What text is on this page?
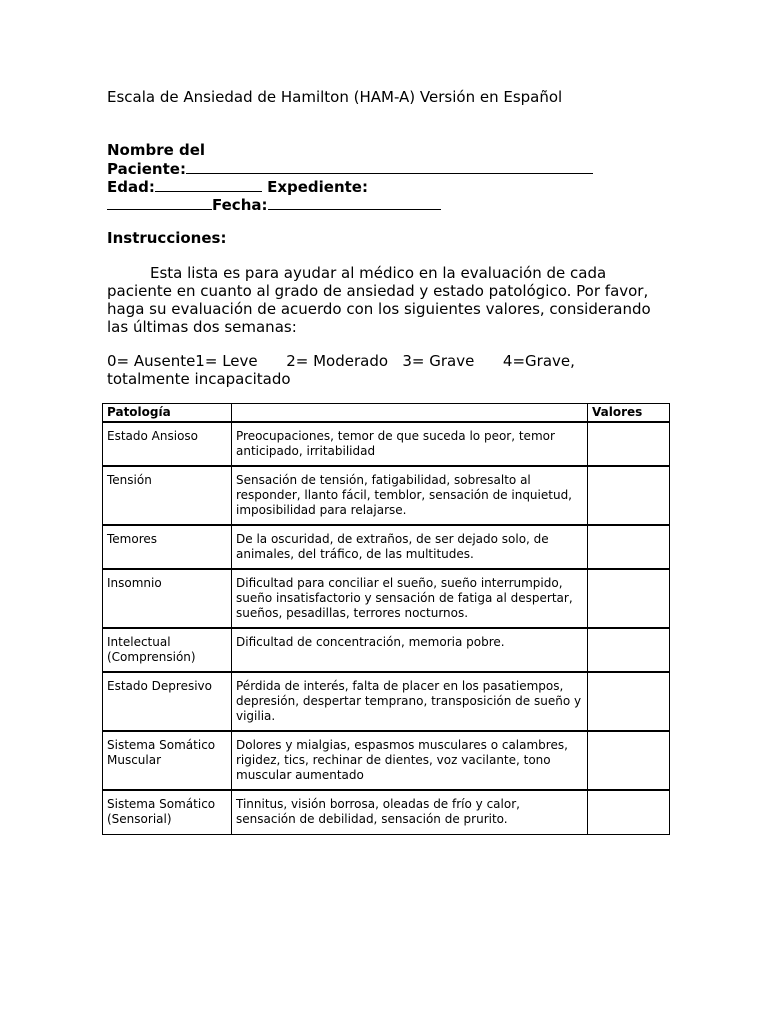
Escala de Ansiedad de Hamilton (HAM-A) Versión en Español
Nombre del
Paciente:
Edad:	Expediente:
Fecha:
Instrucciones:
Esta lista es para ayudar al médico en la evaluación de cada paciente en cuanto al grado de ansiedad y estado patológico. Por favor, haga su evaluación de acuerdo con los siguientes valores, considerando las últimas dos semanas:
0= Ausente1= Leve      2= Moderado   3= Grave      4=Grave,
totalmente incapacitado
Patología		Valores
Estado Ansioso	Preocupaciones, temor de que suceda lo peor, temor anticipado, irritabilidad	
Tensión	Sensación de tensión, fatigabilidad, sobresalto al responder, llanto fácil, temblor, sensación de inquietud, imposibilidad para relajarse.	
Temores	De la oscuridad, de extraños, de ser dejado solo, de animales, del tráfico, de las multitudes.	
Insomnio	Dificultad para conciliar el sueño, sueño interrumpido, sueño insatisfactorio y sensación de fatiga al despertar, sueños, pesadillas, terrores nocturnos.	
Intelectual (Comprensión)	Dificultad de concentración, memoria pobre.	
Estado Depresivo	Pérdida de interés, falta de placer en los pasatiempos, depresión, despertar temprano, transposición de sueño y vigilia.	
Sistema Somático Muscular	Dolores y mialgias, espasmos musculares o calambres, rigidez, tics, rechinar de dientes, voz vacilante, tono muscular aumentado	
Sistema Somático (Sensorial)	Tinnitus, visión borrosa, oleadas de frío y calor, sensación de debilidad, sensación de prurito.	
